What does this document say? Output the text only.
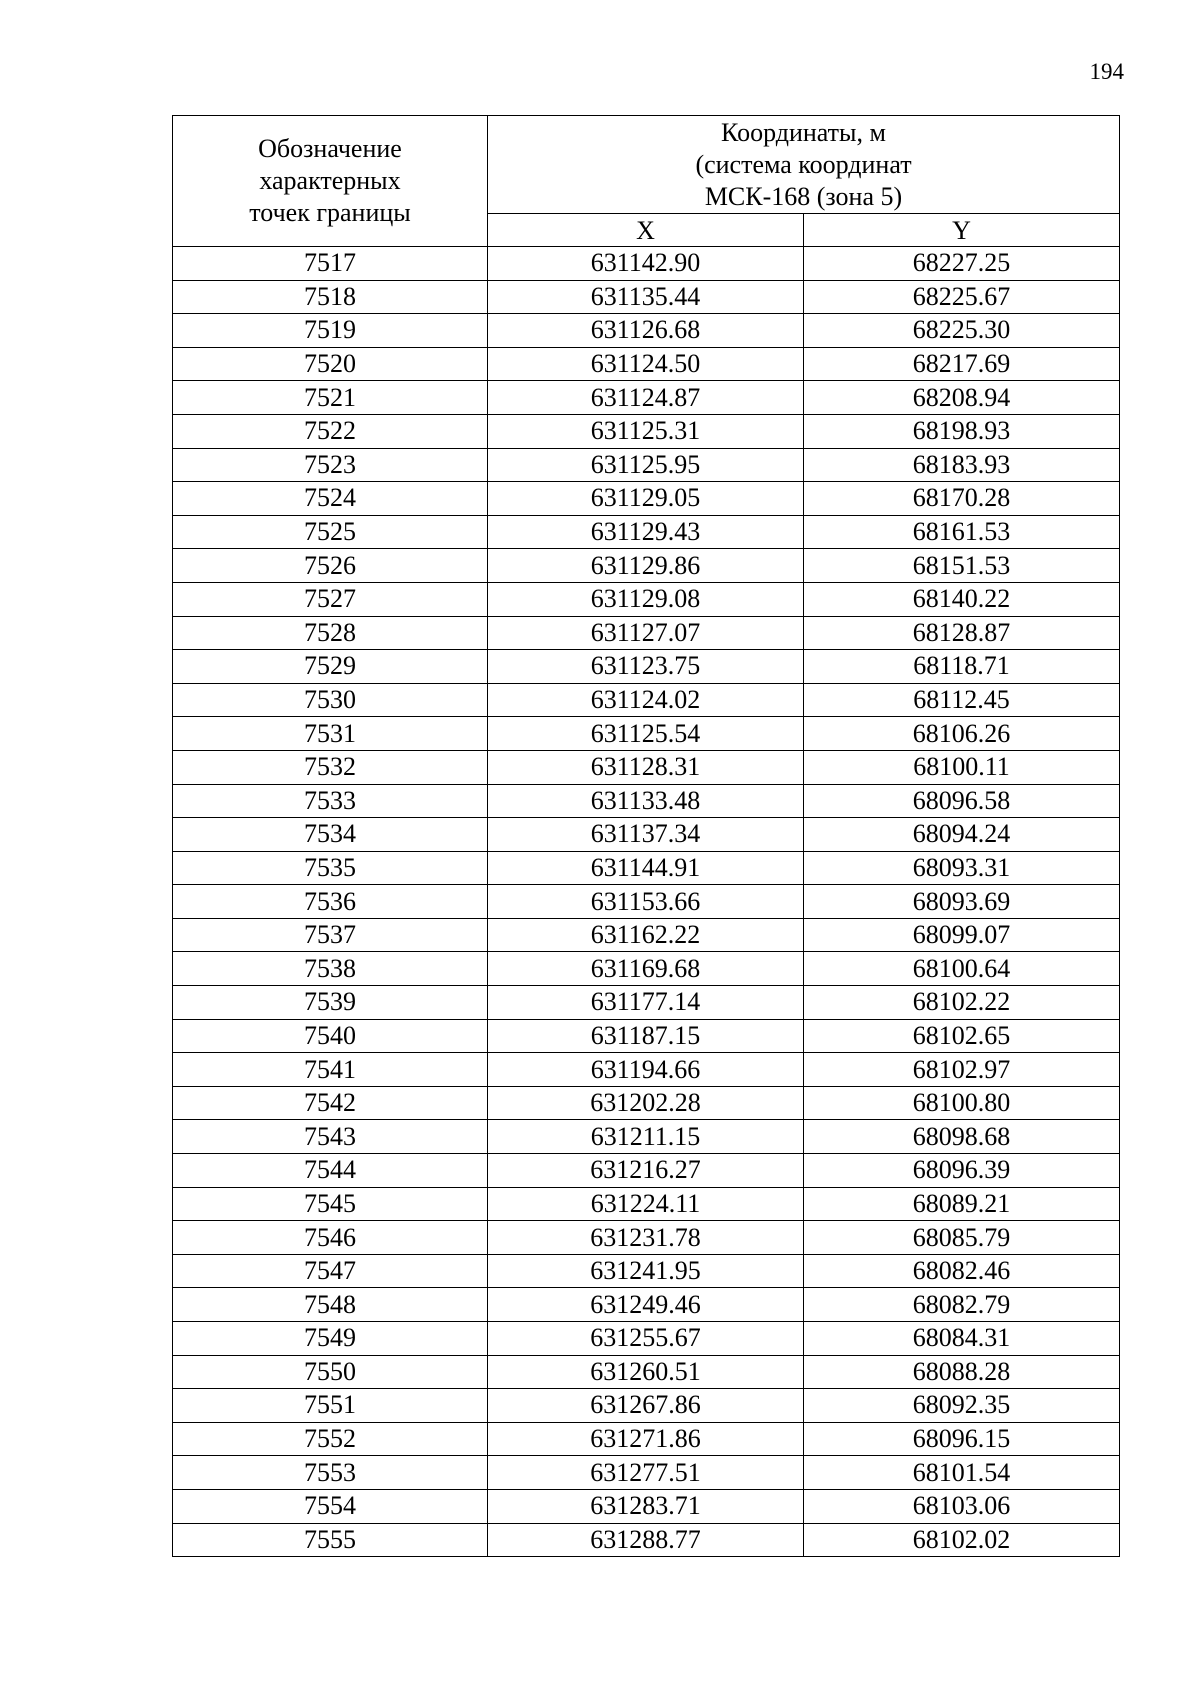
194
Обозначение
характерных
точек границы	Координаты, м
(система координат
МСК-168 (зона 5)	

	X	Y
7517	631142.90	68227.25
7518	631135.44	68225.67
7519	631126.68	68225.30
7520	631124.50	68217.69
7521	631124.87	68208.94
7522	631125.31	68198.93
7523	631125.95	68183.93
7524	631129.05	68170.28
7525	631129.43	68161.53
7526	631129.86	68151.53
7527	631129.08	68140.22
7528	631127.07	68128.87
7529	631123.75	68118.71
7530	631124.02	68112.45
7531	631125.54	68106.26
7532	631128.31	68100.11
7533	631133.48	68096.58
7534	631137.34	68094.24
7535	631144.91	68093.31
7536	631153.66	68093.69
7537	631162.22	68099.07
7538	631169.68	68100.64
7539	631177.14	68102.22
7540	631187.15	68102.65
7541	631194.66	68102.97
7542	631202.28	68100.80
7543	631211.15	68098.68
7544	631216.27	68096.39
7545	631224.11	68089.21
7546	631231.78	68085.79
7547	631241.95	68082.46
7548	631249.46	68082.79
7549	631255.67	68084.31
7550	631260.51	68088.28
7551	631267.86	68092.35
7552	631271.86	68096.15
7553	631277.51	68101.54
7554	631283.71	68103.06
7555	631288.77	68102.02
